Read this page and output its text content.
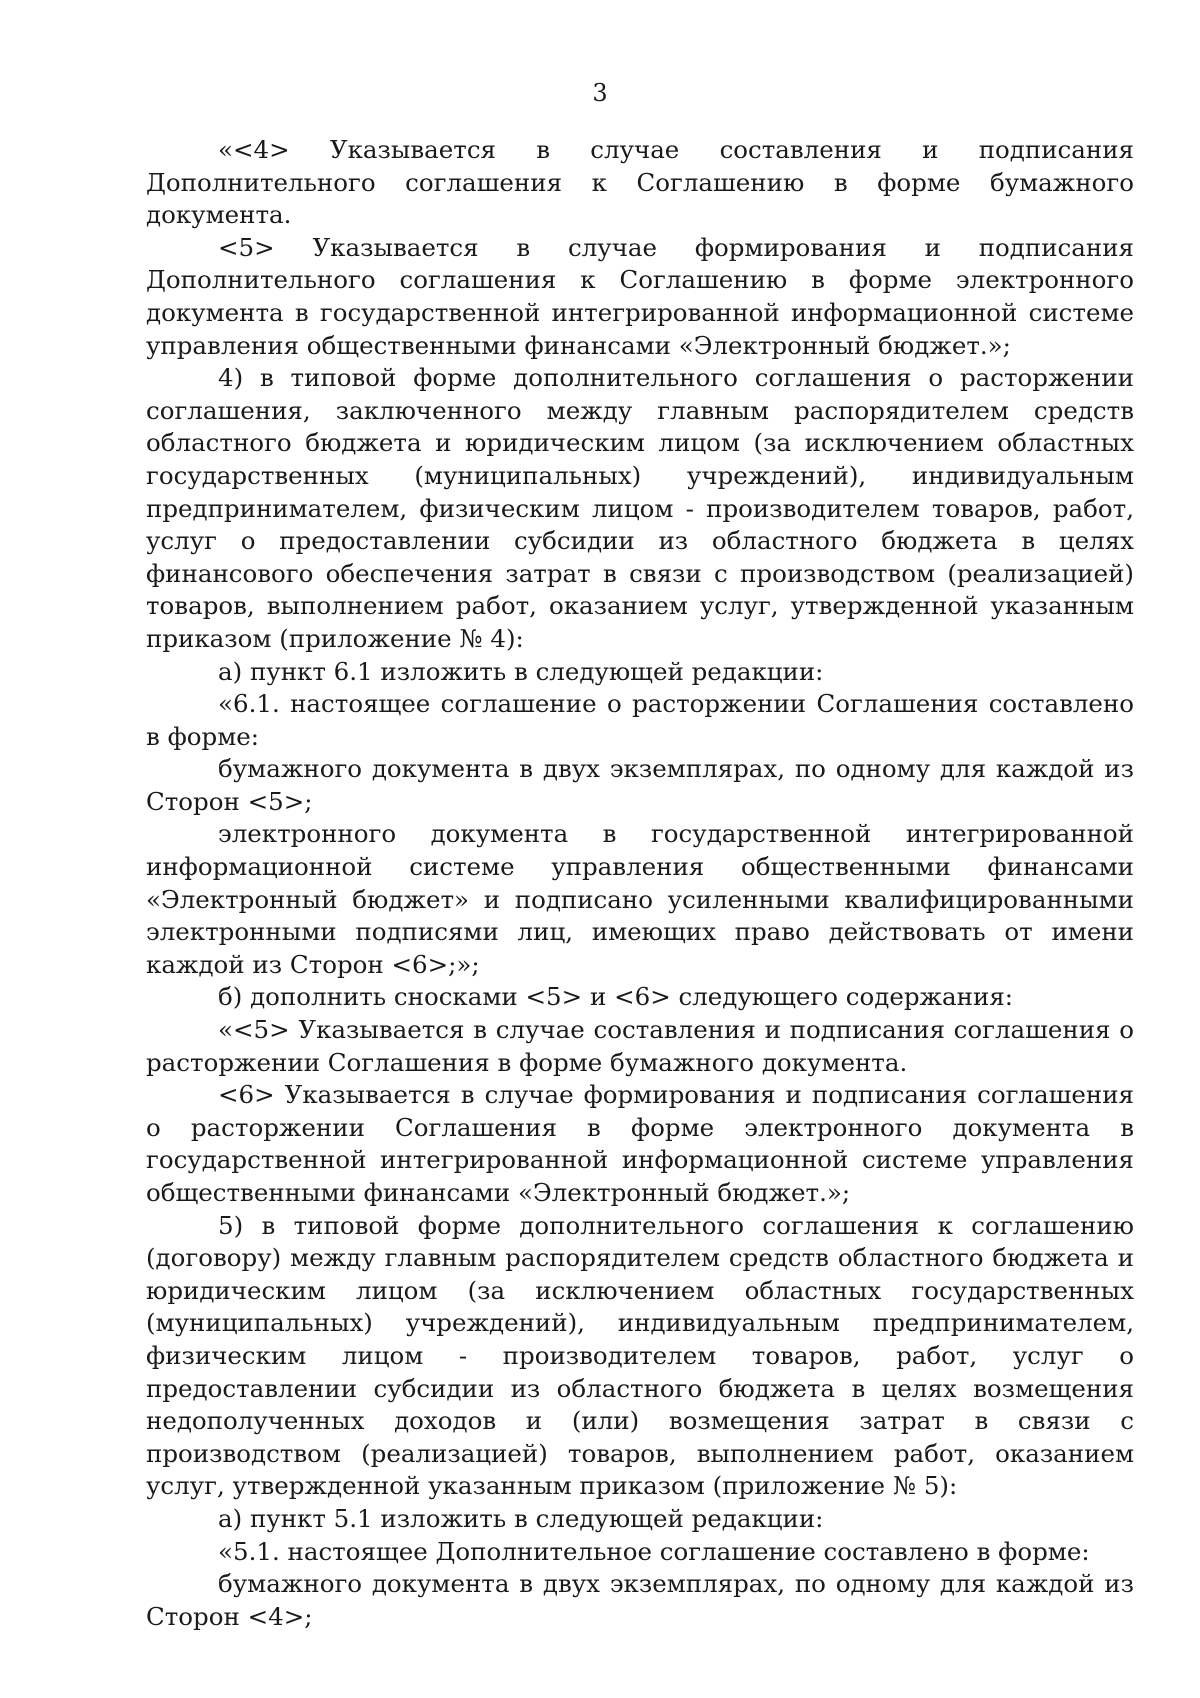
3

«<4> Указывается в случае составления и подписания Дополнительного соглашения к Соглашению в форме бумажного документа.

<5> Указывается в случае формирования и подписания Дополнительного соглашения к Соглашению в форме электронного документа в государственной интегрированной информационной системе управления общественными финансами «Электронный бюджет.»;

4) в типовой форме дополнительного соглашения о расторжении соглашения, заключенного между главным распорядителем средств областного бюджета и юридическим лицом (за исключением областных государственных (муниципальных) учреждений), индивидуальным предпринимателем, физическим лицом - производителем товаров, работ, услуг о предоставлении субсидии из областного бюджета в целях финансового обеспечения затрат в связи с производством (реализацией) товаров, выполнением работ, оказанием услуг, утвержденной указанным приказом (приложение № 4):

а) пункт 6.1 изложить в следующей редакции:

«6.1. настоящее соглашение о расторжении Соглашения составлено в форме:

бумажного документа в двух экземплярах, по одному для каждой из Сторон <5>;

электронного документа в государственной интегрированной информационной системе управления общественными финансами «Электронный бюджет» и подписано усиленными квалифицированными электронными подписями лиц, имеющих право действовать от имени каждой из Сторон <6>;»;

б) дополнить сносками <5> и <6> следующего содержания:

«<5> Указывается в случае составления и подписания соглашения о расторжении Соглашения в форме бумажного документа.

<6> Указывается в случае формирования и подписания соглашения о расторжении Соглашения в форме электронного документа в государственной интегрированной информационной системе управления общественными финансами «Электронный бюджет.»;

5) в типовой форме дополнительного соглашения к соглашению (договору) между главным распорядителем средств областного бюджета и юридическим лицом (за исключением областных государственных (муниципальных) учреждений), индивидуальным предпринимателем, физическим лицом - производителем товаров, работ, услуг о предоставлении субсидии из областного бюджета в целях возмещения недополученных доходов и (или) возмещения затрат в связи с производством (реализацией) товаров, выполнением работ, оказанием услуг, утвержденной указанным приказом (приложение № 5):

а) пункт 5.1 изложить в следующей редакции:

«5.1. настоящее Дополнительное соглашение составлено в форме:

бумажного документа в двух экземплярах, по одному для каждой из Сторон <4>;
